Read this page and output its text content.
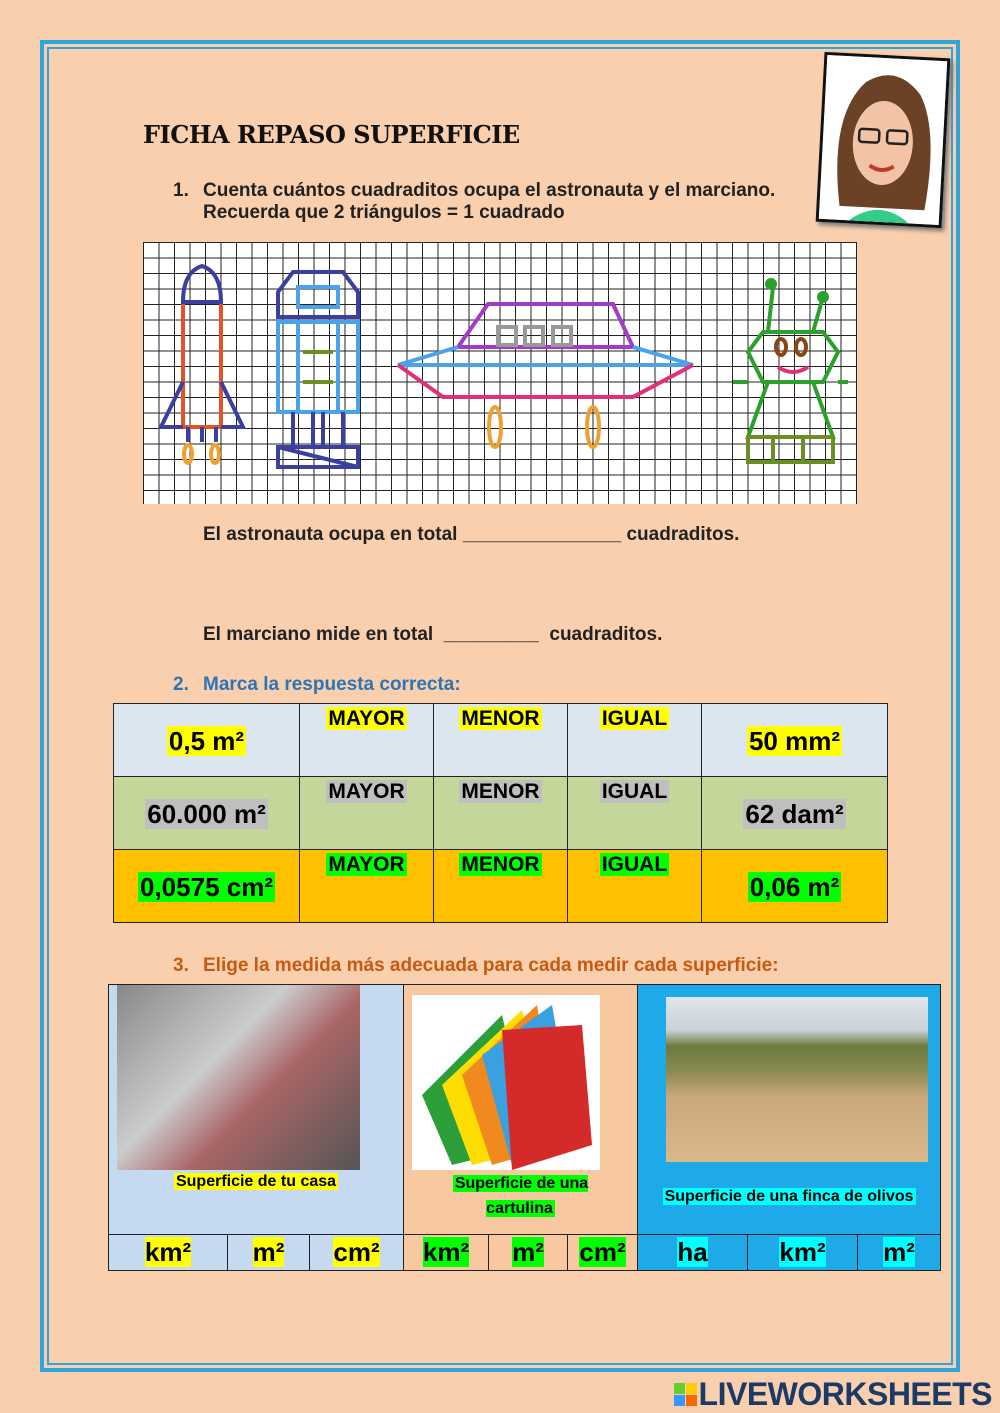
FICHA REPASO SUPERFICIE
1. Cuenta cuántos cuadraditos ocupa el astronauta y el marciano.
Recuerda que 2 triángulos = 1 cuadrado
El astronauta ocupa en total _______________ cuadraditos.
El marciano mide en total  _________  cuadraditos.
2. Marca la respuesta correcta:
0,5 m²	MAYOR	MENOR	IGUAL	50 mm²
60.000 m²	MAYOR	MENOR	IGUAL	62 dam²
0,0575 cm²	MAYOR	MENOR	IGUAL	0,06 m²
3. Elige la medida más adecuada para cada medir cada superficie:
Superficie de tu casa			Superficie de una cartulina			Superficie de una finca de olivos		

km²	m²	cm²	km²	m²	cm²	ha	km²	m²
LIVEWORKSHEETS
